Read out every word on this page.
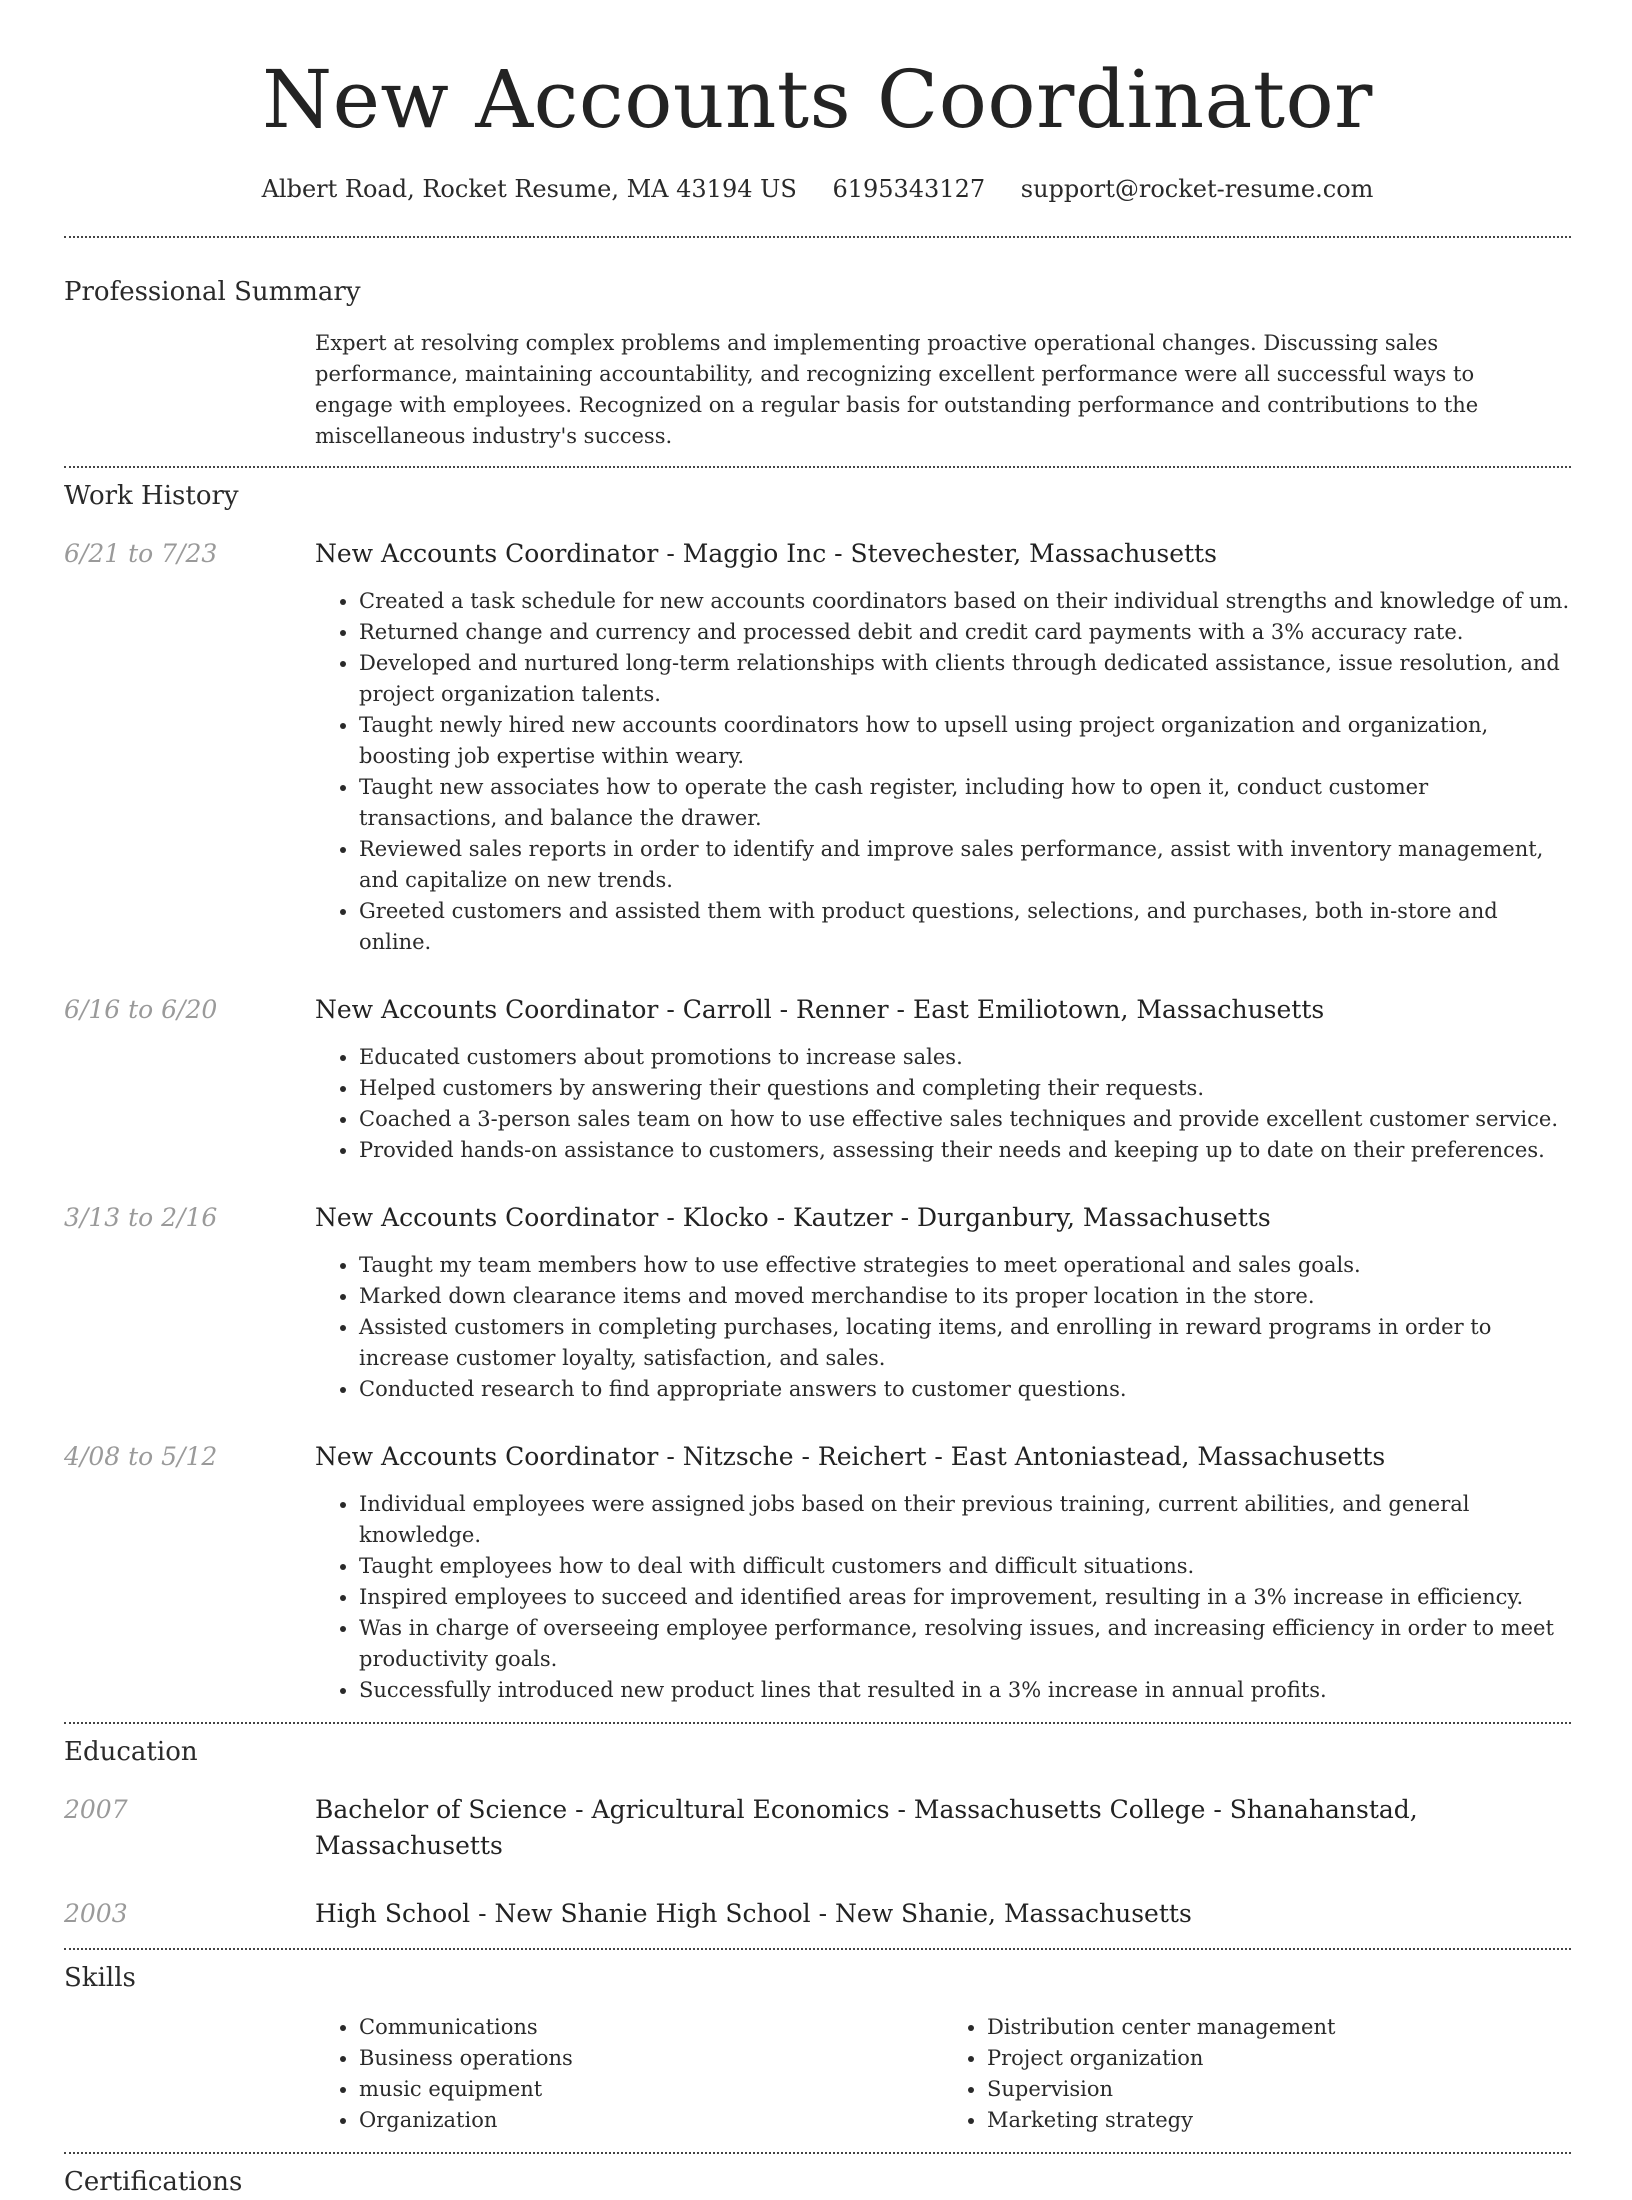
New Accounts Coordinator
Albert Road, Rocket Resume, MA 43194 US 6195343127 support@rocket-resume.com
Professional Summary
Expert at resolving complex problems and implementing proactive operational changes. Discussing sales performance, maintaining accountability, and recognizing excellent performance were all successful ways to engage with employees. Recognized on a regular basis for outstanding performance and contributions to the miscellaneous industry's success.
Work History
6/21 to 7/23	New Accounts Coordinator - Maggio Inc - Stevechester, Massachusetts
• Created a task schedule for new accounts coordinators based on their individual strengths and knowledge of um.
• Returned change and currency and processed debit and credit card payments with a 3% accuracy rate.
• Developed and nurtured long-term relationships with clients through dedicated assistance, issue resolution, and project organization talents.
• Taught newly hired new accounts coordinators how to upsell using project organization and organization, boosting job expertise within weary.
• Taught new associates how to operate the cash register, including how to open it, conduct customer transactions, and balance the drawer.
• Reviewed sales reports in order to identify and improve sales performance, assist with inventory management, and capitalize on new trends.
• Greeted customers and assisted them with product questions, selections, and purchases, both in-store and online.
6/16 to 6/20	New Accounts Coordinator - Carroll - Renner - East Emiliotown, Massachusetts
• Educated customers about promotions to increase sales.
• Helped customers by answering their questions and completing their requests.
• Coached a 3-person sales team on how to use effective sales techniques and provide excellent customer service.
• Provided hands-on assistance to customers, assessing their needs and keeping up to date on their preferences.
3/13 to 2/16	New Accounts Coordinator - Klocko - Kautzer - Durganbury, Massachusetts
• Taught my team members how to use effective strategies to meet operational and sales goals.
• Marked down clearance items and moved merchandise to its proper location in the store.
• Assisted customers in completing purchases, locating items, and enrolling in reward programs in order to increase customer loyalty, satisfaction, and sales.
• Conducted research to find appropriate answers to customer questions.
4/08 to 5/12	New Accounts Coordinator - Nitzsche - Reichert - East Antoniastead, Massachusetts
• Individual employees were assigned jobs based on their previous training, current abilities, and general knowledge.
• Taught employees how to deal with difficult customers and difficult situations.
• Inspired employees to succeed and identified areas for improvement, resulting in a 3% increase in efficiency.
• Was in charge of overseeing employee performance, resolving issues, and increasing efficiency in order to meet productivity goals.
• Successfully introduced new product lines that resulted in a 3% increase in annual profits.
Education
2007	Bachelor of Science - Agricultural Economics - Massachusetts College - Shanahanstad, Massachusetts
2003	High School - New Shanie High School - New Shanie, Massachusetts
Skills
• Communications
• Business operations
• music equipment
• Organization
• Distribution center management
• Project organization
• Supervision
• Marketing strategy
Certifications
